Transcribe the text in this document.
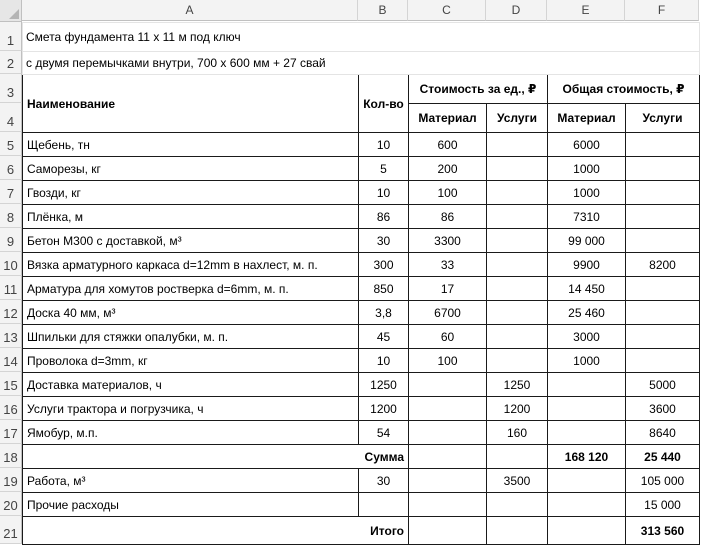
A	B	C	D	E	F
1
2
3
4
5
6
7
8
9
10
11
12
13
14
15
16
17
18
19
20
21
Смета фундамента 11 х 11 м под ключ					
с двумя перемычками внутри, 700 х 600 мм + 27 свай					
Наименование	Кол-во	Стоимость за ед., ₽		Общая стоимость, ₽	
		Материал	Услуги	Материал	Услуги
Щебень, тн	10	600		6000	
Саморезы, кг	5	200		1000	
Гвозди, кг	10	100		1000	
Плёнка, м	86	86		7310	
Бетон М300 с доставкой, м³	30	3300		99 000	
Вязка арматурного каркаса d=12mm в нахлест, м. п.	300	33		9900	8200
Арматура для хомутов ростверка d=6mm, м. п.	850	17		14 450	
Доска 40 мм, м³	3,8	6700		25 460	
Шпильки для стяжки опалубки, м. п.	45	60		3000	
Проволока d=3mm, кг	10	100		1000	
Доставка материалов, ч	1250		1250		5000
Услуги трактора и погрузчика, ч	1200		1200		3600
Ямобур, м.п.	54		160		8640
Сумма				168 120	25 440
Работа, м³	30		3500		105 000
Прочие расходы					15 000
Итого					313 560
